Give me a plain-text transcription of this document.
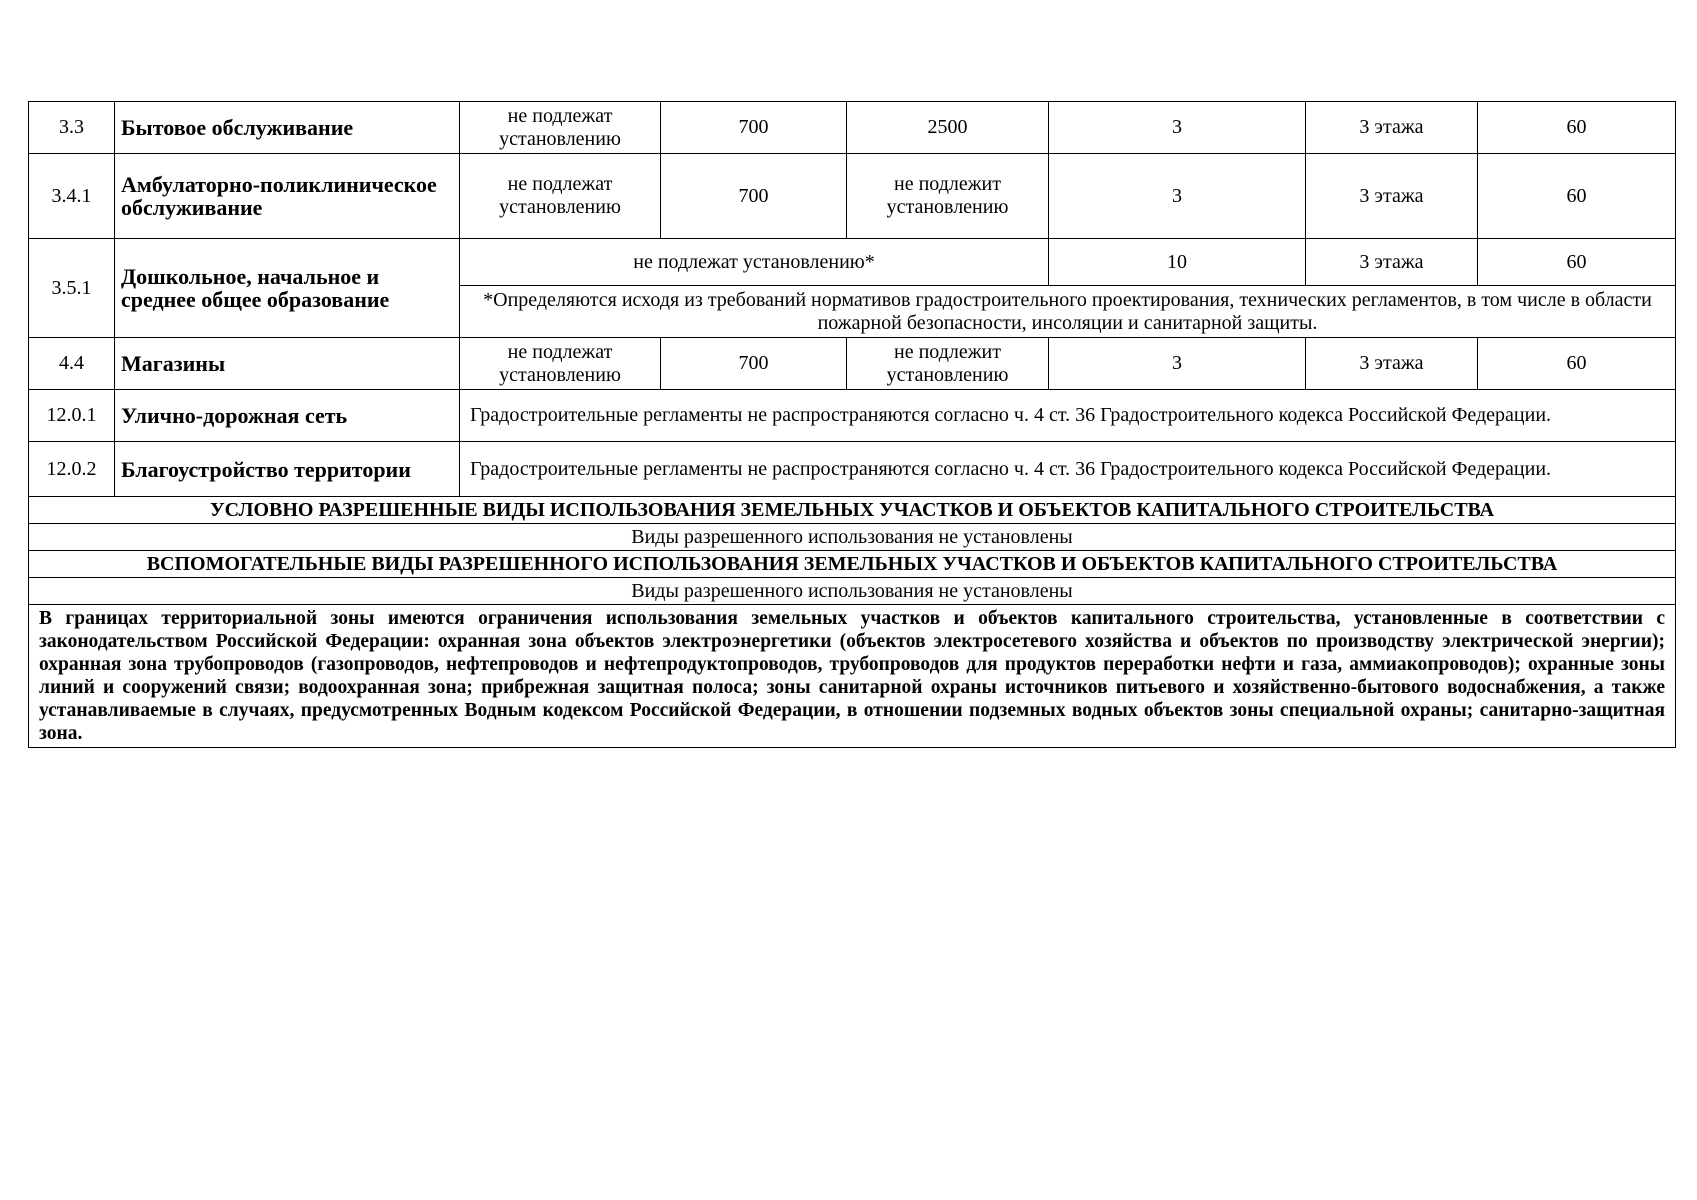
3.3	Бытовое обслуживание	не подлежат установлению	700	2500	3	3 этажа	60
3.4.1	Амбулаторно-поликлиническое обслуживание	не подлежат установлению	700	не подлежит установлению	3	3 этажа	60
3.5.1	Дошкольное, начальное и среднее общее образование	не подлежат установлению*			10	3 этажа	60
		*Определяются исходя из требований нормативов градостроительного проектирования, технических регламентов, в том числе в области пожарной безопасности, инсоляции и санитарной защиты.					
4.4	Магазины	не подлежат установлению	700	не подлежит установлению	3	3 этажа	60
12.0.1	Улично-дорожная сеть	Градостроительные регламенты не распространяются согласно ч. 4 ст. 36 Градостроительного кодекса Российской Федерации.					
12.0.2	Благоустройство территории	Градостроительные регламенты не распространяются согласно ч. 4 ст. 36 Градостроительного кодекса Российской Федерации.					
УСЛОВНО РАЗРЕШЕННЫЕ ВИДЫ ИСПОЛЬЗОВАНИЯ ЗЕМЕЛЬНЫХ УЧАСТКОВ И ОБЪЕКТОВ КАПИТАЛЬНОГО СТРОИТЕЛЬСТВА							
Виды разрешенного использования не установлены							
ВСПОМОГАТЕЛЬНЫЕ ВИДЫ РАЗРЕШЕННОГО ИСПОЛЬЗОВАНИЯ ЗЕМЕЛЬНЫХ УЧАСТКОВ И ОБЪЕКТОВ КАПИТАЛЬНОГО СТРОИТЕЛЬСТВА							
Виды разрешенного использования не установлены							
В границах территориальной зоны имеются ограничения использования земельных участков и объектов капитального строительства, установленные в соответствии с законодательством Российской Федерации: охранная зона объектов электроэнергетики (объектов электросетевого хозяйства и объектов по производству электрической энергии); охранная зона трубопроводов (газопроводов, нефтепроводов и нефтепродуктопроводов, трубопроводов для продуктов переработки нефти и газа, аммиакопроводов); охранные зоны линий и сооружений связи; водоохранная зона; прибрежная защитная полоса; зоны санитарной охраны источников питьевого и хозяйственно-бытового водоснабжения, а также устанавливаемые в случаях, предусмотренных Водным кодексом Российской Федерации, в отношении подземных водных объектов зоны специальной охраны; санитарно-защитная зона.							
